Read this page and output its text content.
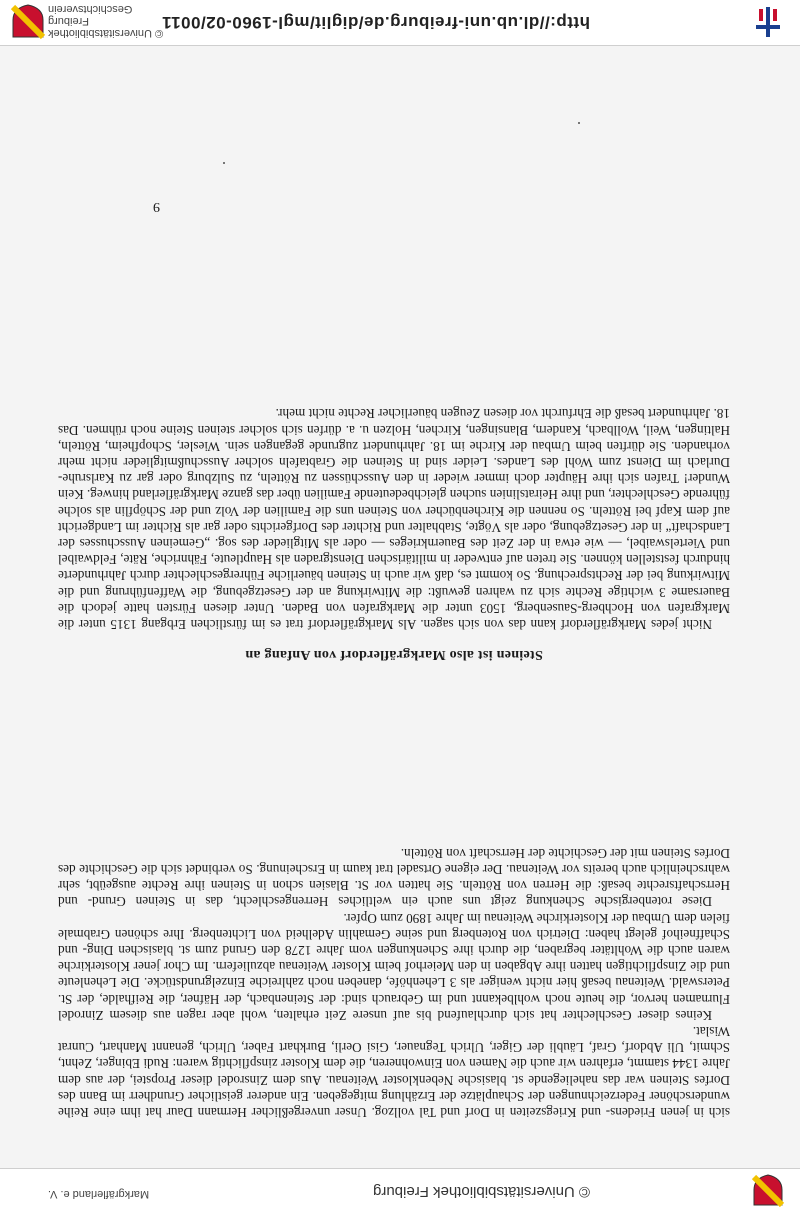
© Universitätsbibliothek Freiburg
Markgräflerland e. V.
http://dl.ub.uni-freiburg.de/diglit/mgl-1960-02/0011
© Universitätsbibliothek Freiburg
Geschichtsverein

sich in jenen Friedens- und Kriegszeiten in Dorf und Tal vollzog. Unser unvergeßlicher Hermann Daur hat ihm eine Reihe wunderschöner Federzeichnungen der Schauplätze der Erzählung mitgegeben. Ein anderer geistlicher Grundherr im Bann des Dorfes Steinen war das naheliegende st. blasische Nebenkloster Weitenau. Aus dem Zinsrodel dieser Propstei, der aus dem Jahre 1344 stammt, erfahren wir auch die Namen von Einwohneren, die dem Kloster zinspflichtig waren: Rudi Ebinger, Zehnt, Schmit, Uli Abdorf, Graf, Läubli der Giger, Ulrich Tegnauer, Gisi Oerli, Burkhart Faber, Ulrich, genannt Manhart, Cunrat Wislat.

Keines dieser Geschlechter hat sich durchlaufend bis auf unsere Zeit erhalten, wohl aber ragen aus diesem Zinrodel Flurnamen hervor, die heute noch wohlbekannt und im Gebrauch sind: der Steinenbach, der Häfner, die Reifhalde, der St. Peterswald. Weitenau besaß hier nicht weniger als 3 Lehenhöfe, daneben noch zahlreiche Einzelgrundstücke. Die Lehenleute und die Zinspflichtigen hatten ihre Abgaben in den Meierhof beim Kloster Weitenau abzuliefern. Im Chor jener Klosterkirche waren auch die Wohltäter begraben, die durch ihre Schenkungen vom Jahre 1278 den Grund zum st. blasischen Ding- und Schaffneihof gelegt haben: Dietrich von Rotenberg und seine Gemahlin Adelheid von Lichtenberg. Ihre schönen Grabmale fielen dem Umbau der Klosterkirche Weitenau im Jahre 1890 zum Opfer.

Diese rotenbergische Schenkung zeigt uns auch ein weltliches Herrengeschlecht, das in Steinen Grund- und Herrschaftsrechte besaß: die Herren von Rötteln. Sie hatten vor St. Blasien schon in Steinen ihre Rechte ausgeübt, sehr wahrscheinlich auch bereits vor Weitenau. Der eigene Ortsadel trat kaum in Erscheinung. So verbindet sich die Geschichte des Dorfes Steinen mit der Geschichte der Herrschaft von Rötteln.

Steinen ist also Markgräflerdorf von Anfang an

Nicht jedes Markgräflerdorf kann das von sich sagen. Als Markgräflerdorf trat es im fürstlichen Erbgang 1315 unter die Markgrafen von Hochberg-Sausenberg, 1503 unter die Markgrafen von Baden. Unter diesen Fürsten hatte jedoch die Bauersame 3 wichtige Rechte sich zu wahren gewußt: die Mitwirkung an der Gesetzgebung, die Waffenführung und die Mitwirkung bei der Rechtsprechung. So kommt es, daß wir auch in Steinen bäuerliche Führergeschlechter durch Jahrhunderte hindurch feststellen können. Sie treten auf entweder in militärischen Dienstgraden als Hauptleute, Fähnriche, Räte, Feldwaibel und Viertelswaibel, — wie etwa in der Zeit des Bauernkrieges — oder als Mitglieder des sog. „Gemeinen Ausschusses der Landschaft“ in der Gesetzgebung, oder als Vögte, Stabhalter und Richter des Dorfgerichts oder gar als Richter im Landgericht auf dem Kapf bei Rötteln. So nennen die Kirchenbücher von Steinen uns die Familien der Volz und der Schöpflin als solche führende Geschlechter, und ihre Heiratslinien suchen gleichbedeutende Familien über das ganze Markgräflerland hinweg. Kein Wunder! Trafen sich ihre Häupter doch immer wieder in den Ausschüssen zu Rötteln, zu Sulzburg oder gar zu Karlsruhe-Durlach im Dienst zum Wohl des Landes. Leider sind in Steinen die Grabtafeln solcher Ausschußmitglieder nicht mehr vorhanden. Sie dürften beim Umbau der Kirche im 18. Jahrhundert zugrunde gegangen sein. Wiesler, Schopfheim, Rötteln, Haltingen, Weil, Wollbach, Kandern, Blansingen, Kirchen, Holzen u. a. dürfen sich solcher steinen Steine noch rühmen. Das 18. Jahrhundert besaß die Ehrfurcht vor diesen Zeugen bäuerlicher Rechte nicht mehr.

9
